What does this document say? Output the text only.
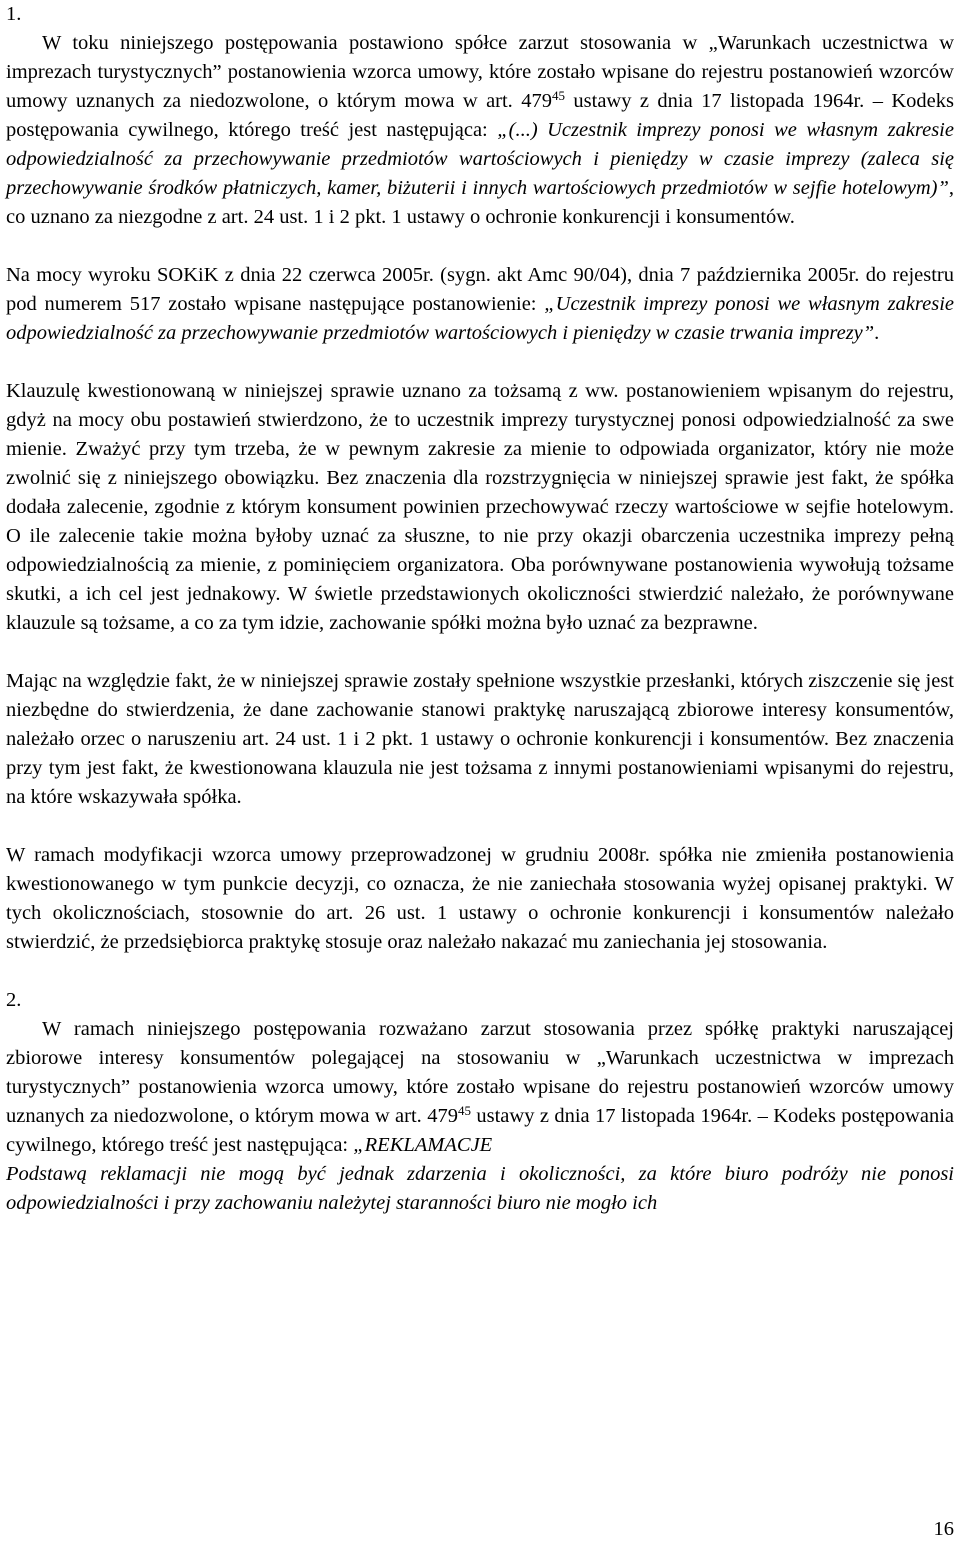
1.

W toku niniejszego postępowania postawiono spółce zarzut stosowania w „Warunkach uczestnictwa w imprezach turystycznych” postanowienia wzorca umowy, które zostało wpisane do rejestru postanowień wzorców umowy uznanych za niedozwolone, o którym mowa w art. $479^{45}$ ustawy z dnia 17 listopada 1964r. – Kodeks postępowania cywilnego, którego treść jest następująca: „(...) Uczestnik imprezy ponosi we własnym zakresie odpowiedzialność za przechowywanie przedmiotów wartościowych i pieniędzy w czasie imprezy (zaleca się przechowywanie środków płatniczych, kamer, biżuterii i innych wartościowych przedmiotów w sejfie hotelowym)”, co uznano za niezgodne z art. 24 ust. 1 i 2 pkt. 1 ustawy o ochronie konkurencji i konsumentów.

Na mocy wyroku SOKiK z dnia 22 czerwca 2005r. (sygn. akt Amc 90/04), dnia 7 października 2005r. do rejestru pod numerem 517 zostało wpisane następujące postanowienie: „Uczestnik imprezy ponosi we własnym zakresie odpowiedzialność za przechowywanie przedmiotów wartościowych i pieniędzy w czasie trwania imprezy”.

Klauzulę kwestionowaną w niniejszej sprawie uznano za tożsamą z ww. postanowieniem wpisanym do rejestru, gdyż na mocy obu postawień stwierdzono, że to uczestnik imprezy turystycznej ponosi odpowiedzialność za swe mienie. Zważyć przy tym trzeba, że w pewnym zakresie za mienie to odpowiada organizator, który nie może zwolnić się z niniejszego obowiązku. Bez znaczenia dla rozstrzygnięcia w niniejszej sprawie jest fakt, że spółka dodała zalecenie, zgodnie z którym konsument powinien przechowywać rzeczy wartościowe w sejfie hotelowym. O ile zalecenie takie można byłoby uznać za słuszne, to nie przy okazji obarczenia uczestnika imprezy pełną odpowiedzialnością za mienie, z pominięciem organizatora. Oba porównywane postanowienia wywołują tożsame skutki, a ich cel jest jednakowy. W świetle przedstawionych okoliczności stwierdzić należało, że porównywane klauzule są tożsame, a co za tym idzie, zachowanie spółki można było uznać za bezprawne.

Mając na względzie fakt, że w niniejszej sprawie zostały spełnione wszystkie przesłanki, których ziszczenie się jest niezbędne do stwierdzenia, że dane zachowanie stanowi praktykę naruszającą zbiorowe interesy konsumentów, należało orzec o naruszeniu art. 24 ust. 1 i 2 pkt. 1 ustawy o ochronie konkurencji i konsumentów. Bez znaczenia przy tym jest fakt, że kwestionowana klauzula nie jest tożsama z innymi postanowieniami wpisanymi do rejestru, na które wskazywała spółka.

W ramach modyfikacji wzorca umowy przeprowadzonej w grudniu 2008r. spółka nie zmieniła postanowienia kwestionowanego w tym punkcie decyzji, co oznacza, że nie zaniechała stosowania wyżej opisanej praktyki. W tych okolicznościach, stosownie do art. 26 ust. 1 ustawy o ochronie konkurencji i konsumentów należało stwierdzić, że przedsiębiorca praktykę stosuje oraz należało nakazać mu zaniechania jej stosowania.

2.

W ramach niniejszego postępowania rozważano zarzut stosowania przez spółkę praktyki naruszającej zbiorowe interesy konsumentów polegającej na stosowaniu w „Warunkach uczestnictwa w imprezach turystycznych” postanowienia wzorca umowy, które zostało wpisane do rejestru postanowień wzorców umowy uznanych za niedozwolone, o którym mowa w art. $479^{45}$ ustawy z dnia 17 listopada 1964r. – Kodeks postępowania cywilnego, którego treść jest następująca: „REKLAMACJE

Podstawą reklamacji nie mogą być jednak zdarzenia i okoliczności, za które biuro podróży nie ponosi odpowiedzialności i przy zachowaniu należytej staranności biuro nie mogło ich

16
